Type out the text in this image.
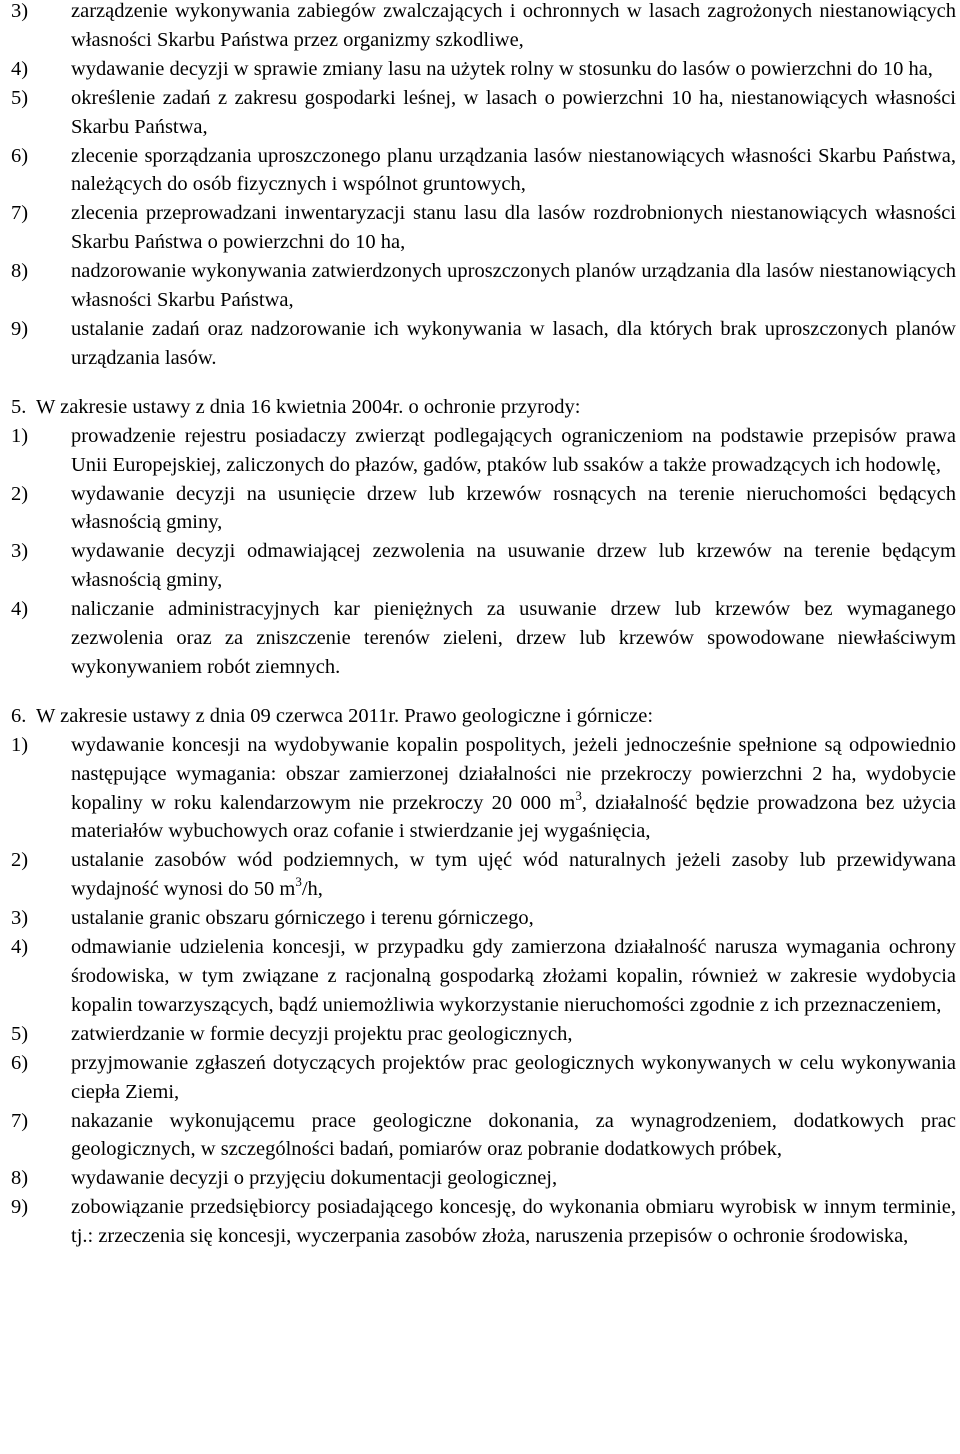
3) zarządzenie wykonywania zabiegów zwalczających i ochronnych w lasach zagrożonych niestanowiących własności Skarbu Państwa przez organizmy szkodliwe,
4) wydawanie decyzji w sprawie zmiany lasu na użytek rolny w stosunku do lasów o powierzchni do 10 ha,
5) określenie zadań z zakresu gospodarki leśnej, w lasach o powierzchni 10 ha, niestanowiących własności Skarbu Państwa,
6) zlecenie sporządzania uproszczonego planu urządzania lasów niestanowiących własności Skarbu Państwa, należących do osób fizycznych i wspólnot gruntowych,
7) zlecenia przeprowadzani inwentaryzacji stanu lasu dla lasów rozdrobnionych niestanowiących własności Skarbu Państwa o powierzchni do 10 ha,
8) nadzorowanie wykonywania zatwierdzonych uproszczonych planów urządzania dla lasów niestanowiących własności Skarbu Państwa,
9) ustalanie zadań oraz nadzorowanie ich wykonywania w lasach, dla których brak uproszczonych planów urządzania lasów.
5. W zakresie ustawy z dnia 16 kwietnia 2004r. o ochronie przyrody:
1) prowadzenie rejestru posiadaczy zwierząt podlegających ograniczeniom na podstawie przepisów prawa Unii Europejskiej, zaliczonych do płazów, gadów, ptaków lub ssaków a także prowadzących ich hodowlę,
2) wydawanie decyzji na usunięcie drzew lub krzewów rosnących na terenie nieruchomości będących własnością gminy,
3) wydawanie decyzji odmawiającej zezwolenia na usuwanie drzew lub krzewów na terenie będącym własnością gminy,
4) naliczanie administracyjnych kar pieniężnych za usuwanie drzew lub krzewów bez wymaganego zezwolenia oraz za zniszczenie terenów zieleni, drzew lub krzewów spowodowane niewłaściwym wykonywaniem robót ziemnych.
6. W zakresie ustawy z dnia 09 czerwca 2011r. Prawo geologiczne i górnicze:
1) wydawanie koncesji na wydobywanie kopalin pospolitych, jeżeli jednocześnie spełnione są odpowiednio następujące wymagania: obszar zamierzonej działalności nie przekroczy powierzchni 2 ha, wydobycie kopaliny w roku kalendarzowym nie przekroczy 20 000 $m^3$, działalność będzie prowadzona bez użycia materiałów wybuchowych oraz cofanie i stwierdzanie jej wygaśnięcia,
2) ustalanie zasobów wód podziemnych, w tym ujęć wód naturalnych jeżeli zasoby lub przewidywana wydajność wynosi do 50 $m^3/h$,
3) ustalanie granic obszaru górniczego i terenu górniczego,
4) odmawianie udzielenia koncesji, w przypadku gdy zamierzona działalność narusza wymagania ochrony środowiska, w tym związane z racjonalną gospodarką złożami kopalin, również w zakresie wydobycia kopalin towarzyszących, bądź uniemożliwia wykorzystanie nieruchomości zgodnie z ich przeznaczeniem,
5) zatwierdzanie w formie decyzji projektu prac geologicznych,
6) przyjmowanie zgłaszeń dotyczących projektów prac geologicznych wykonywanych w celu wykonywania ciepła Ziemi,
7) nakazanie wykonującemu prace geologiczne dokonania, za wynagrodzeniem, dodatkowych prac geologicznych, w szczególności badań, pomiarów oraz pobranie dodatkowych próbek,
8) wydawanie decyzji o przyjęciu dokumentacji geologicznej,
9) zobowiązanie przedsiębiorcy posiadającego koncesję, do wykonania obmiaru wyrobisk w innym terminie, tj.: zrzeczenia się koncesji, wyczerpania zasobów złoża, naruszenia przepisów o ochronie środowiska,
